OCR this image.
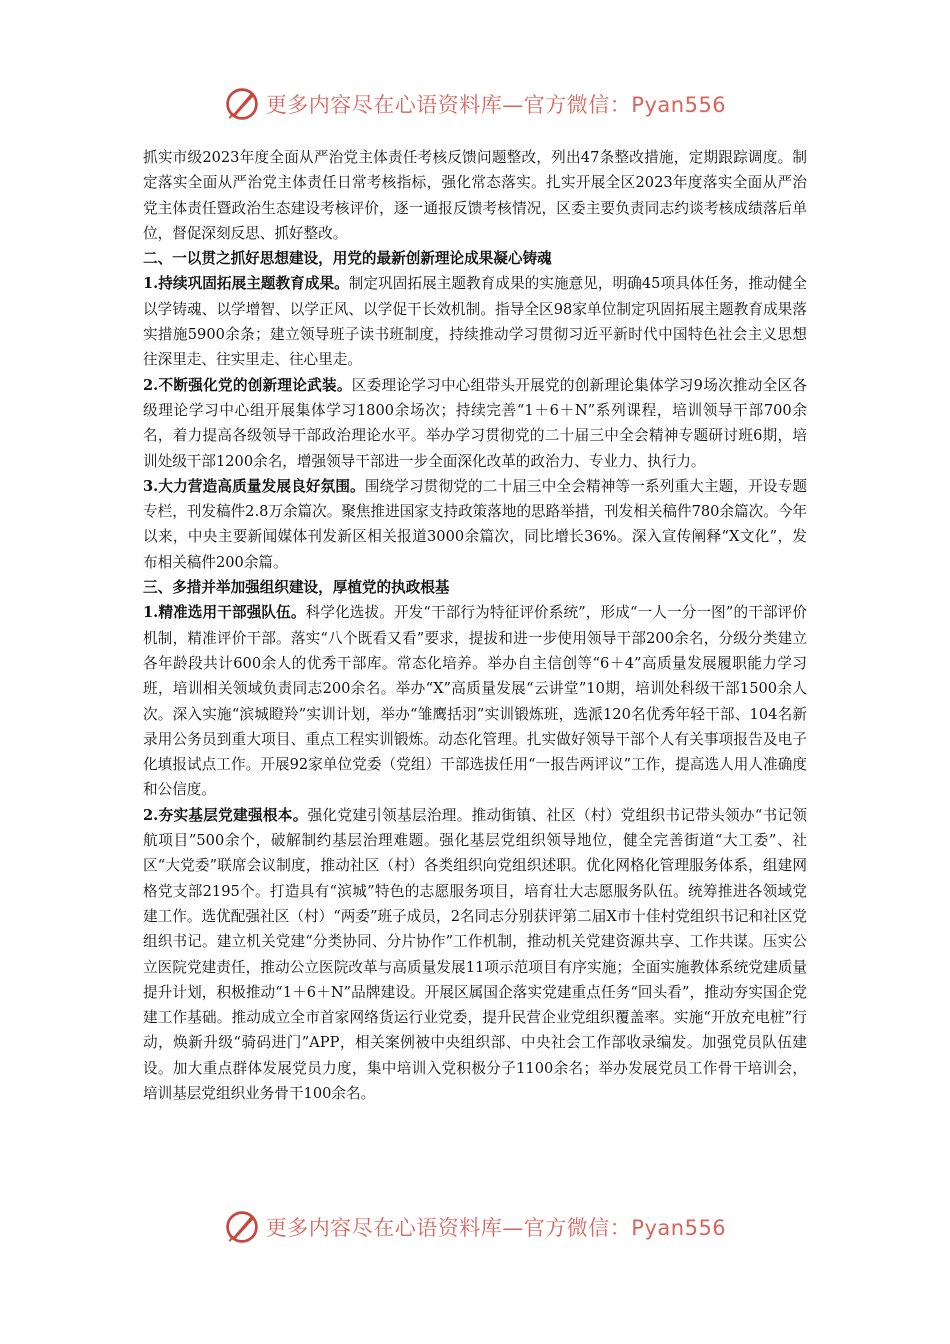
更多内容尽在心语资料库—官方微信：Pyan556

抓实市级2023年度全面从严治党主体责任考核反馈问题整改，列出47条整改措施，定期跟踪调度。制定落实全面从严治党主体责任日常考核指标，强化常态落实。扎实开展全区2023年度落实全面从严治党主体责任暨政治生态建设考核评价，逐一通报反馈考核情况，区委主要负责同志约谈考核成绩落后单位，督促深刻反思、抓好整改。

二、一以贯之抓好思想建设，用党的最新创新理论成果凝心铸魂

1.持续巩固拓展主题教育成果。制定巩固拓展主题教育成果的实施意见，明确45项具体任务，推动健全以学铸魂、以学增智、以学正风、以学促干长效机制。指导全区98家单位制定巩固拓展主题教育成果落实措施5900余条；建立领导班子读书班制度，持续推动学习贯彻习近平新时代中国特色社会主义思想往深里走、往实里走、往心里走。

2.不断强化党的创新理论武装。区委理论学习中心组带头开展党的创新理论集体学习9场次推动全区各级理论学习中心组开展集体学习1800余场次；持续完善“1＋6＋N”系列课程，培训领导干部700余名，着力提高各级领导干部政治理论水平。举办学习贯彻党的二十届三中全会精神专题研讨班6期，培训处级干部1200余名，增强领导干部进一步全面深化改革的政治力、专业力、执行力。

3.大力营造高质量发展良好氛围。围绕学习贯彻党的二十届三中全会精神等一系列重大主题，开设专题专栏，刊发稿件2.8万余篇次。聚焦推进国家支持政策落地的思路举措，刊发相关稿件780余篇次。今年以来，中央主要新闻媒体刊发新区相关报道3000余篇次，同比增长36%。深入宣传阐释“X文化”，发布相关稿件200余篇。

三、多措并举加强组织建设，厚植党的执政根基

1.精准选用干部强队伍。科学化选拔。开发“干部行为特征评价系统”，形成“一人一分一图”的干部评价机制，精准评价干部。落实“八个既看又看”要求，提拔和进一步使用领导干部200余名，分级分类建立各年龄段共计600余人的优秀干部库。常态化培养。举办自主信创等“6＋4”高质量发展履职能力学习班，培训相关领域负责同志200余名。举办“X”高质量发展“云讲堂”10期，培训处科级干部1500余人次。深入实施“滨城瞪羚”实训计划，举办“雏鹰括羽”实训锻炼班，选派120名优秀年轻干部、104名新录用公务员到重大项目、重点工程实训锻炼。动态化管理。扎实做好领导干部个人有关事项报告及电子化填报试点工作。开展92家单位党委（党组）干部选拔任用“一报告两评议”工作，提高选人用人准确度和公信度。

2.夯实基层党建强根本。强化党建引领基层治理。推动街镇、社区（村）党组织书记带头领办“书记领航项目”500余个，破解制约基层治理难题。强化基层党组织领导地位，健全完善街道“大工委”、社区“大党委”联席会议制度，推动社区（村）各类组织向党组织述职。优化网格化管理服务体系，组建网格党支部2195个。打造具有“滨城”特色的志愿服务项目，培育壮大志愿服务队伍。统筹推进各领域党建工作。选优配强社区（村）“两委”班子成员，2名同志分别获评第二届X市十佳村党组织书记和社区党组织书记。建立机关党建“分类协同、分片协作”工作机制，推动机关党建资源共享、工作共谋。压实公立医院党建责任，推动公立医院改革与高质量发展11项示范项目有序实施；全面实施教体系统党建质量提升计划，积极推动“1＋6＋N”品牌建设。开展区属国企落实党建重点任务“回头看”，推动夯实国企党建工作基础。推动成立全市首家网络货运行业党委，提升民营企业党组织覆盖率。实施“开放充电桩”行动，焕新升级“骑码进门”APP，相关案例被中央组织部、中央社会工作部收录编发。加强党员队伍建设。加大重点群体发展党员力度，集中培训入党积极分子1100余名；举办发展党员工作骨干培训会，培训基层党组织业务骨干100余名。

更多内容尽在心语资料库—官方微信：Pyan556
